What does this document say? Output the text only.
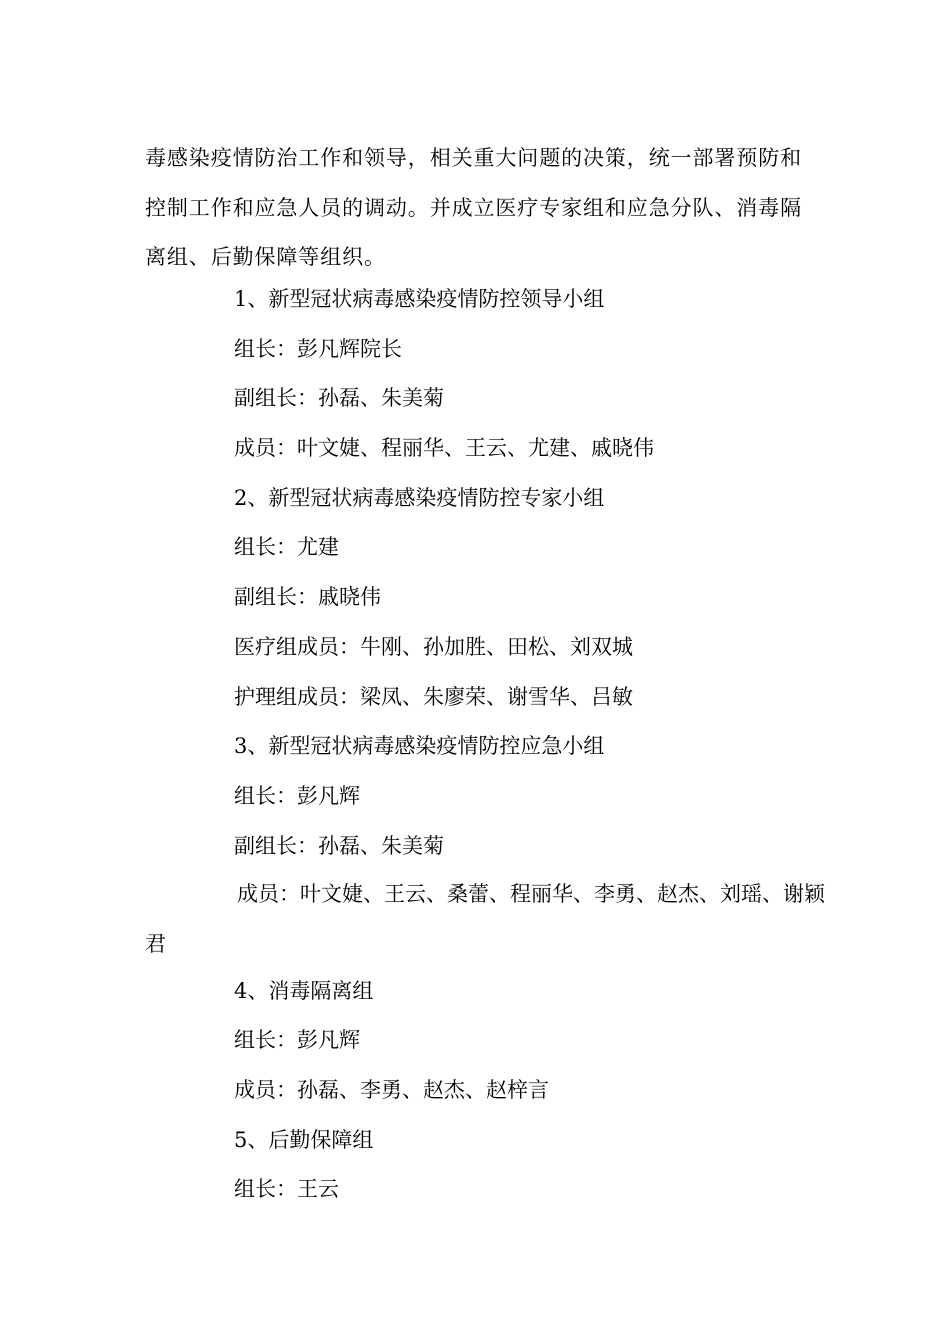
毒感染疫情防治工作和领导，相关重大问题的决策，统一部署预防和控制工作和应急人员的调动。并成立医疗专家组和应急分队、消毒隔离组、后勤保障等组织。

1、新型冠状病毒感染疫情防控领导小组
组长：彭凡辉院长
副组长：孙磊、朱美菊
成员：叶文婕、程丽华、王云、尤建、戚晓伟
2、新型冠状病毒感染疫情防控专家小组
组长：尤建
副组长：戚晓伟
医疗组成员：牛刚、孙加胜、田松、刘双城
护理组成员：梁凤、朱廖荣、谢雪华、吕敏
3、新型冠状病毒感染疫情防控应急小组
组长：彭凡辉
副组长：孙磊、朱美菊
成员：叶文婕、王云、桑蕾、程丽华、李勇、赵杰、刘瑶、谢颖君
4、消毒隔离组
组长：彭凡辉
成员：孙磊、李勇、赵杰、赵梓言
5、后勤保障组
组长：王云
